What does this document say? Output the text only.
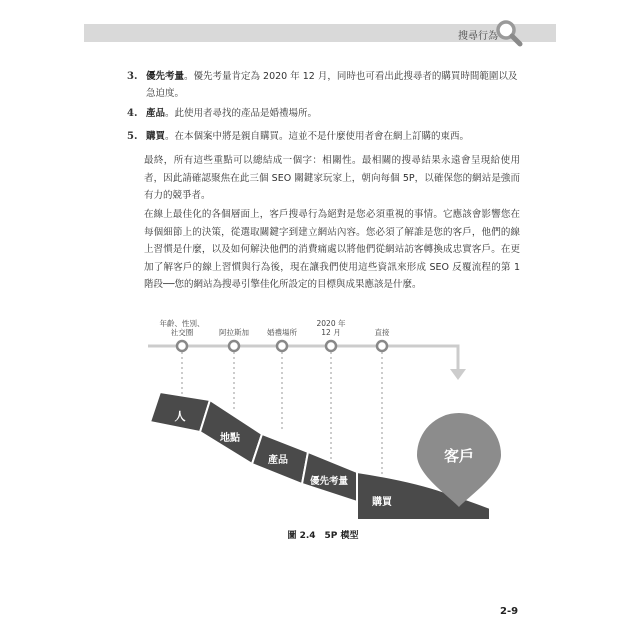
搜尋行為
3. 優先考量。優先考量肯定為 2020 年 12 月，同時也可看出此搜尋者的購買時間範圍以及急迫度。
4. 產品。此使用者尋找的產品是婚禮場所。
5. 購買。在本個案中將是親自購買。這並不是什麼使用者會在網上訂購的東西。

最終，所有這些重點可以總結成一個字：相關性。最相關的搜尋結果永遠會呈現給使用者，因此請確認聚焦在此三個 SEO 關鍵家玩家上，朝向每個 5P，以確保您的網站是強而有力的競爭者。

在線上最佳化的各個層面上，客戶搜尋行為絕對是您必須重視的事情。它應該會影響您在每個細節上的決策，從選取關鍵字到建立網站內容。您必須了解誰是您的客戶，他們的線上習慣是什麼，以及如何解決他們的消費痛處以將他們從網站訪客轉換成忠實客戶。在更加了解客戶的線上習慣與行為後，現在讓我們使用這些資訊來形成 SEO 反覆流程的第 1 階段──您的網站為搜尋引擎佳化所設定的目標與成果應該是什麼。

年齡、性別、社交圈	阿拉斯加 婚禮場所
2020 年 12 月	直接
人
地點
產品
優先考量
購買
客戶
圖 2.4　5P 模型
2-9
